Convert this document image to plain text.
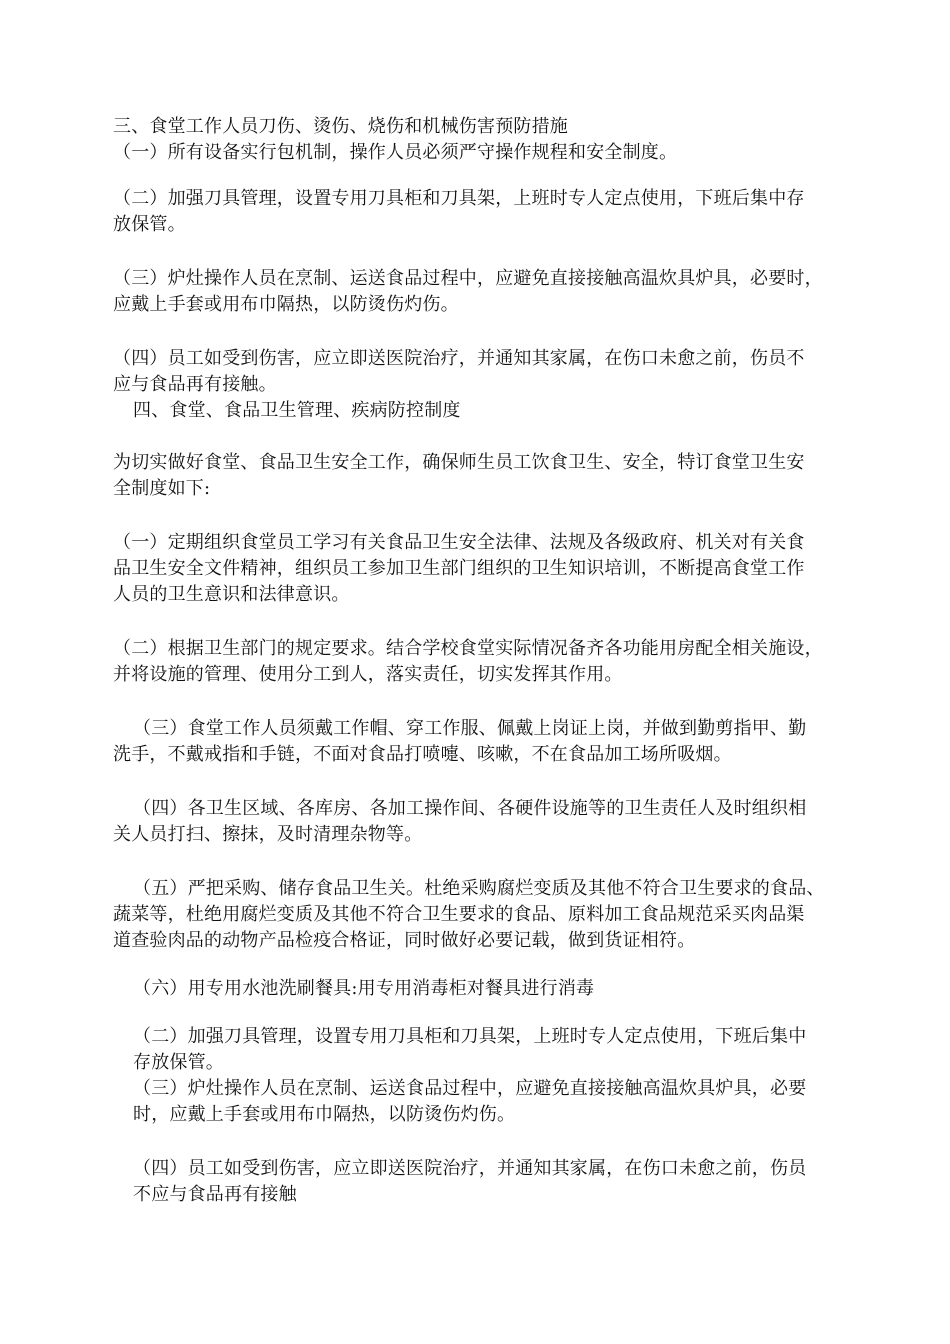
三、食堂工作人员刀伤、烫伤、烧伤和机械伤害预防措施

（一）所有设备实行包机制，操作人员必须严守操作规程和安全制度。

（二）加强刀具管理，设置专用刀具柜和刀具架，上班时专人定点使用，下班后集中存

放保管。

（三）炉灶操作人员在烹制、运送食品过程中，应避免直接接触高温炊具炉具，必要时，

应戴上手套或用布巾隔热，以防烫伤灼伤。

（四）员工如受到伤害，应立即送医院治疗，并通知其家属，在伤口未愈之前，伤员不

应与食品再有接触。

四、食堂、食品卫生管理、疾病防控制度

为切实做好食堂、食品卫生安全工作，确保师生员工饮食卫生、安全，特订食堂卫生安

全制度如下:

（一）定期组织食堂员工学习有关食品卫生安全法律、法规及各级政府、机关对有关食

品卫生安全文件精神，组织员工参加卫生部门组织的卫生知识培训，不断提高食堂工作

人员的卫生意识和法律意识。

（二）根据卫生部门的规定要求。结合学校食堂实际情况备齐各功能用房配全相关施设，

并将设施的管理、使用分工到人，落实责任，切实发挥其作用。

（三）食堂工作人员须戴工作帽、穿工作服、佩戴上岗证上岗，并做到勤剪指甲、勤

洗手，不戴戒指和手链，不面对食品打喷嚏、咳嗽，不在食品加工场所吸烟。

（四）各卫生区域、各库房、各加工操作间、各硬件设施等的卫生责任人及时组织相

关人员打扫、擦抹，及时清理杂物等。

（五）严把采购、储存食品卫生关。杜绝采购腐烂变质及其他不符合卫生要求的食品、

蔬菜等，杜绝用腐烂变质及其他不符合卫生要求的食品、原料加工食品规范采买肉品渠

道查验肉品的动物产品检疫合格证，同时做好必要记载，做到货证相符。

（六）用专用水池洗刷餐具:用专用消毒柜对餐具进行消毒

（二）加强刀具管理，设置专用刀具柜和刀具架，上班时专人定点使用，下班后集中

存放保管。

（三）炉灶操作人员在烹制、运送食品过程中，应避免直接接触高温炊具炉具，必要

时，应戴上手套或用布巾隔热，以防烫伤灼伤。

（四）员工如受到伤害，应立即送医院治疗，并通知其家属，在伤口未愈之前，伤员

不应与食品再有接触
